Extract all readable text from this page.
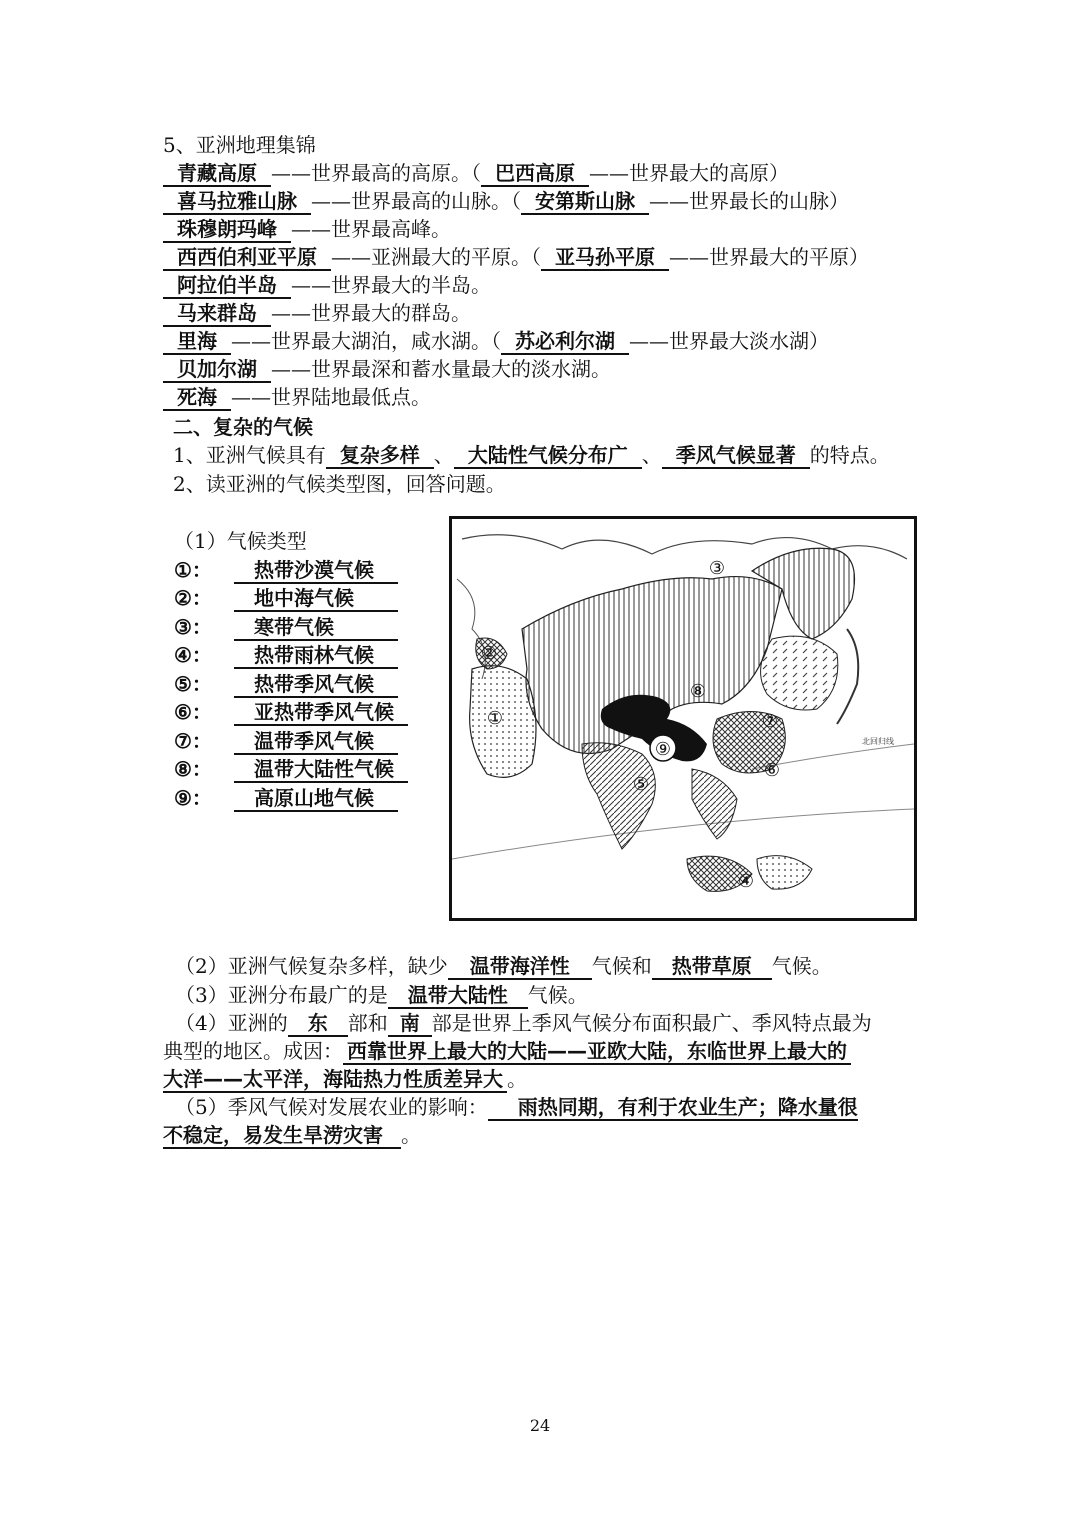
5、亚洲地理集锦
青藏高原 ——世界最高的高原。（ 巴西高原 ——世界最大的高原）
喜马拉雅山脉 ——世界最高的山脉。（ 安第斯山脉 ——世界最长的山脉）
珠穆朗玛峰 ——世界最高峰。
西西伯利亚平原 ——亚洲最大的平原。（ 亚马孙平原 ——世界最大的平原）
阿拉伯半岛 ——世界最大的半岛。
马来群岛 ——世界最大的群岛。
里海 ——世界最大湖泊，咸水湖。（ 苏必利尔湖 ——世界最大淡水湖）
贝加尔湖 ——世界最深和蓄水量最大的淡水湖。
死海 ——世界陆地最低点。
二、复杂的气候
1、亚洲气候具有 复杂多样 、 大陆性气候分布广 、 季风气候显著 的特点。
2、读亚洲的气候类型图，回答问题。
（1）气候类型
①： 热带沙漠气候
②： 地中海气候
③： 寒带气候
④： 热带雨林气候
⑤： 热带季风气候
⑥： 亚热带季风气候
⑦： 温带季风气候
⑧： 温带大陆性气候
⑨： 高原山地气候
①
②
③
④
⑤
⑥
⑦
⑧
⑨	北回归线
（2）亚洲气候复杂多样，缺少 温带海洋性 气候和 热带草原 气候。
（3）亚洲分布最广的是 温带大陆性 气候。
（4）亚洲的 东 部和 南 部是世界上季风气候分布面积最广、季风特点最为
典型的地区。成因： 西靠世界上最大的大陆——亚欧大陆，东临世界上最大的
大洋——太平洋，海陆热力性质差异大 。
（5）季风气候对发展农业的影响： 雨热同期，有利于农业生产；降水量很
不稳定，易发生旱涝灾害 。
24
